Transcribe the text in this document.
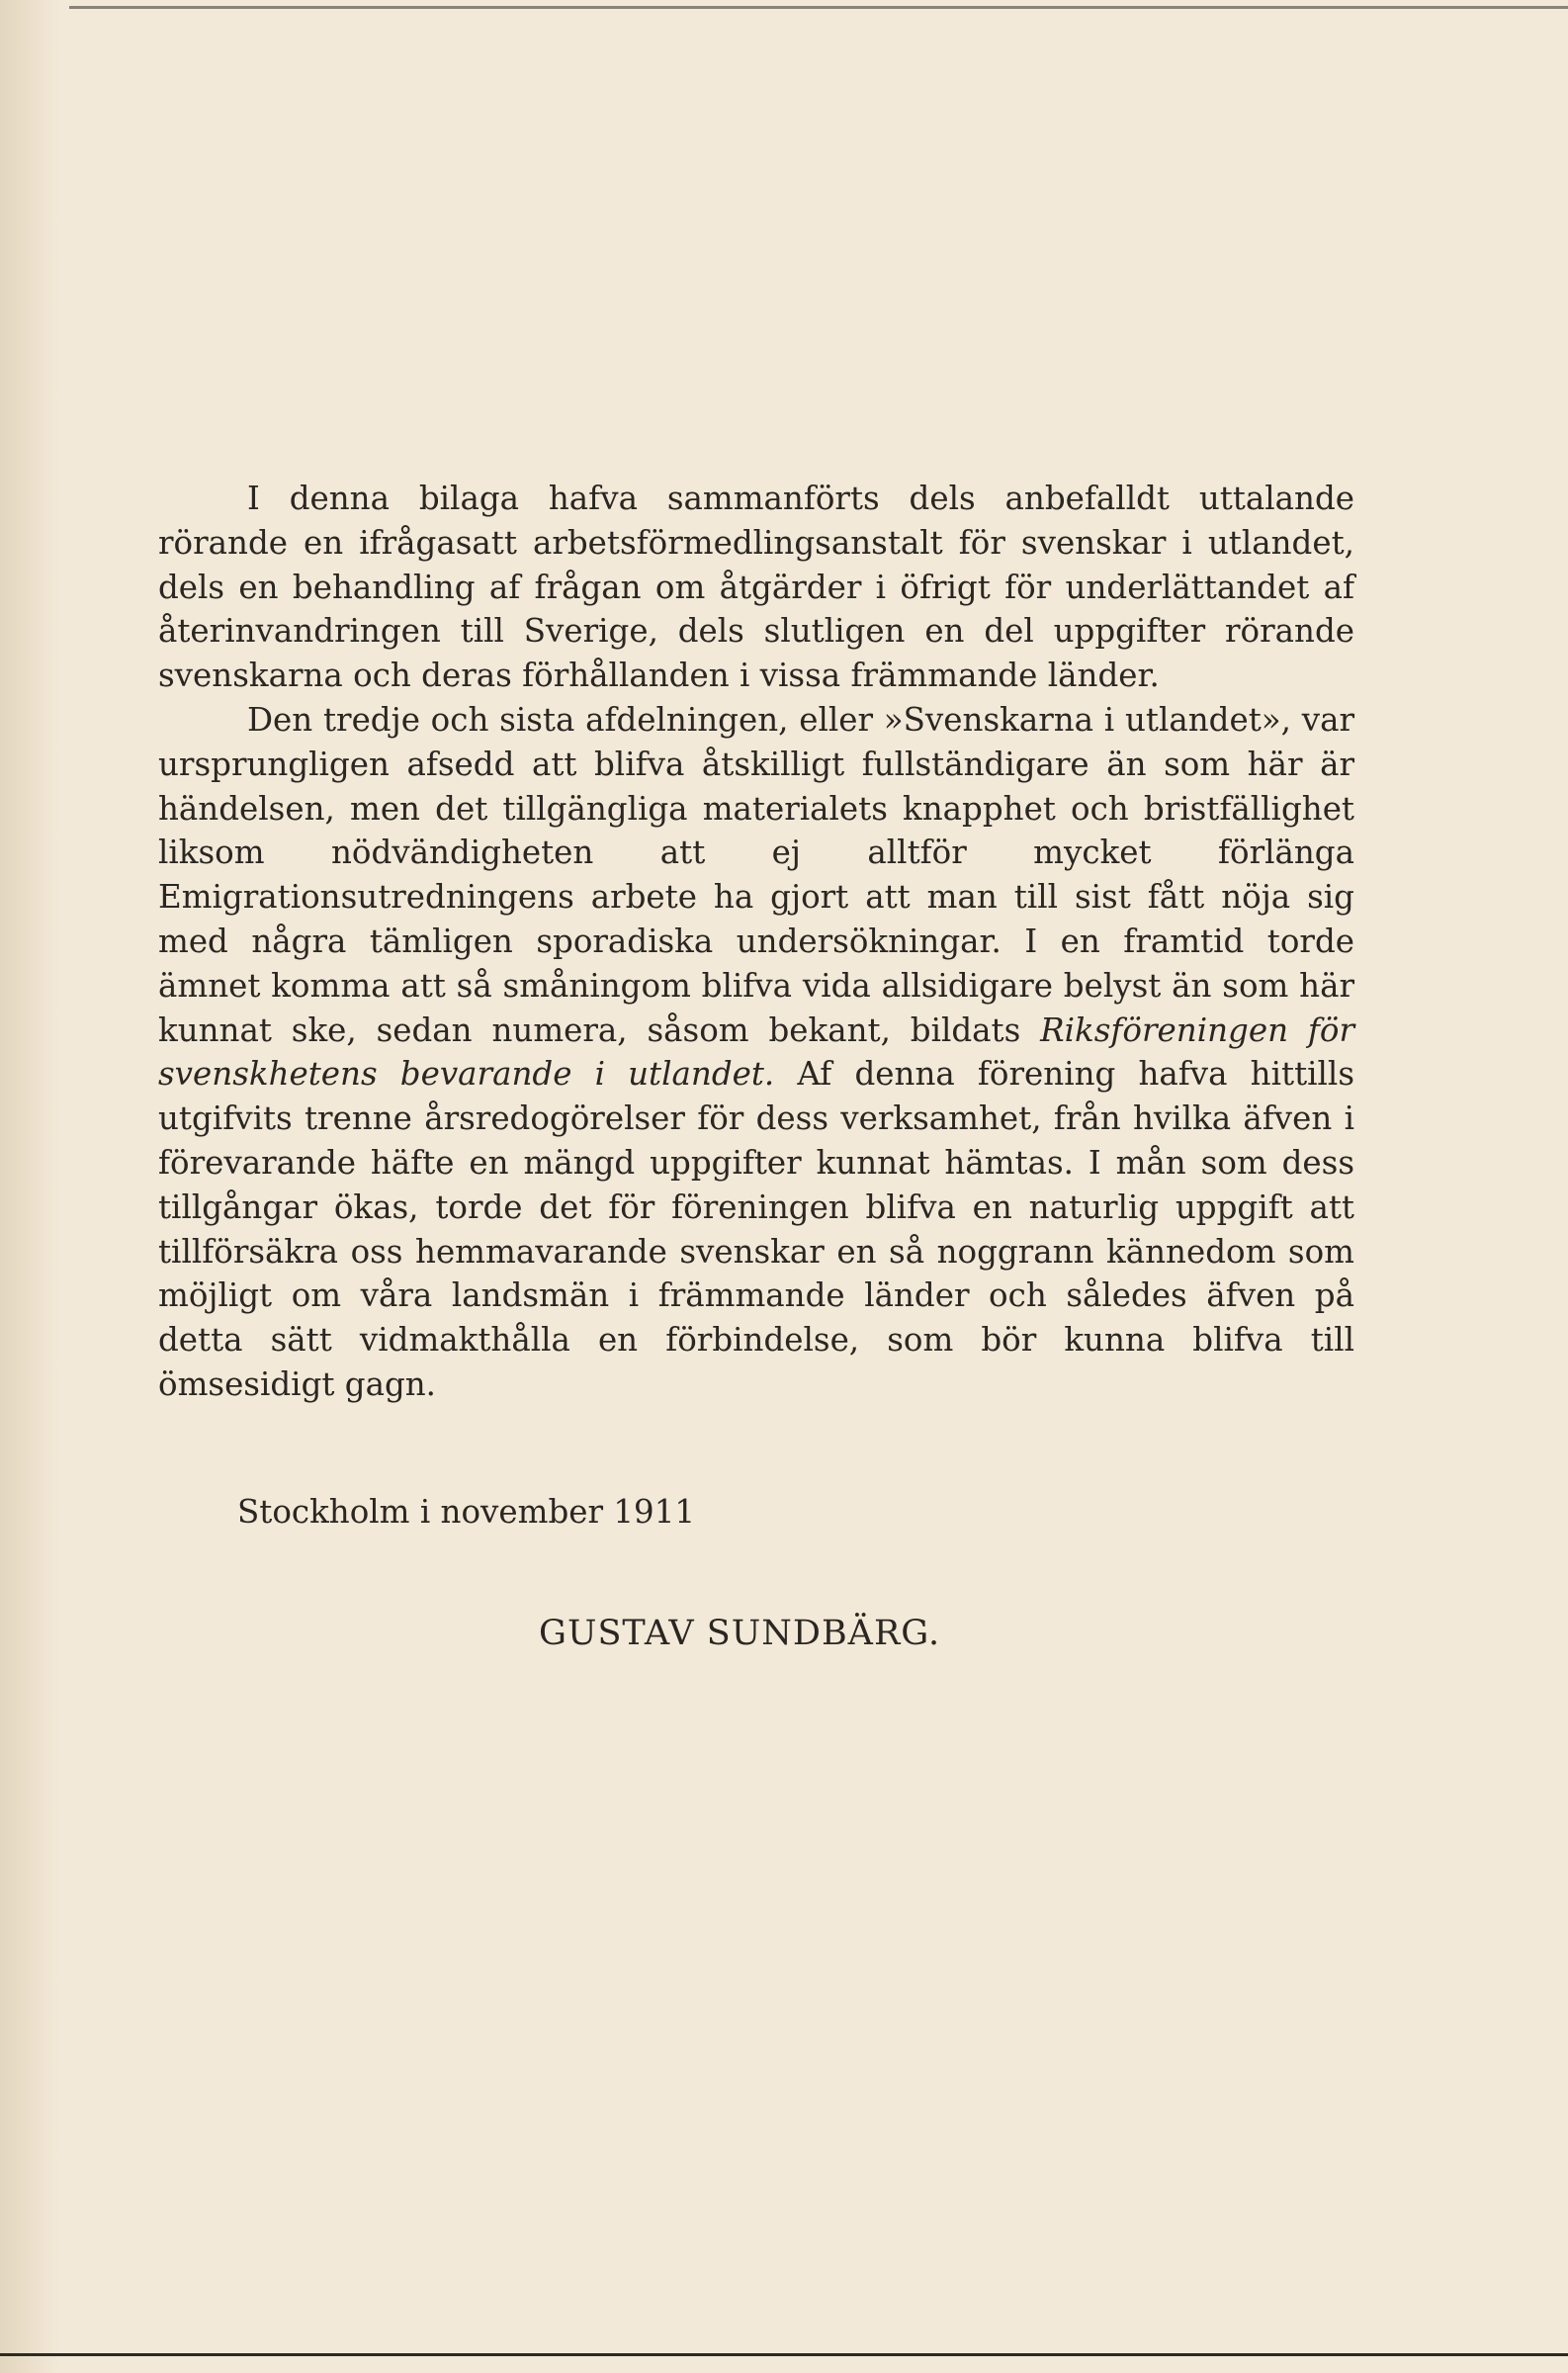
I denna bilaga hafva sammanförts dels anbefalldt uttalande rörande en ifrågasatt arbetsförmedlingsanstalt för svenskar i utlandet, dels en behandling af frågan om åtgärder i öfrigt för underlättandet af återinvandringen till Sverige, dels slutligen en del uppgifter rörande svenskarna och deras förhållanden i vissa främmande länder.

Den tredje och sista afdelningen, eller »Svenskarna i utlandet», var ursprungligen afsedd att blifva åtskilligt fullständigare än som här är händelsen, men det tillgängliga materialets knapphet och bristfällighet liksom nödvändigheten att ej alltför mycket förlänga Emigrationsutredningens arbete ha gjort att man till sist fått nöja sig med några tämligen sporadiska undersökningar. I en framtid torde ämnet komma att så småningom blifva vida allsidigare belyst än som här kunnat ske, sedan numera, såsom bekant, bildats Riksföreningen för svenskhetens bevarande i utlandet. Af denna förening hafva hittills utgifvits trenne årsredogörelser för dess verksamhet, från hvilka äfven i förevarande häfte en mängd uppgifter kunnat hämtas. I mån som dess tillgångar ökas, torde det för föreningen blifva en naturlig uppgift att tillförsäkra oss hemmavarande svenskar en så noggrann kännedom som möjligt om våra landsmän i främmande länder och således äfven på detta sätt vidmakthålla en förbindelse, som bör kunna blifva till ömsesidigt gagn.

Stockholm i november 1911
GUSTAV SUNDBÄRG.
